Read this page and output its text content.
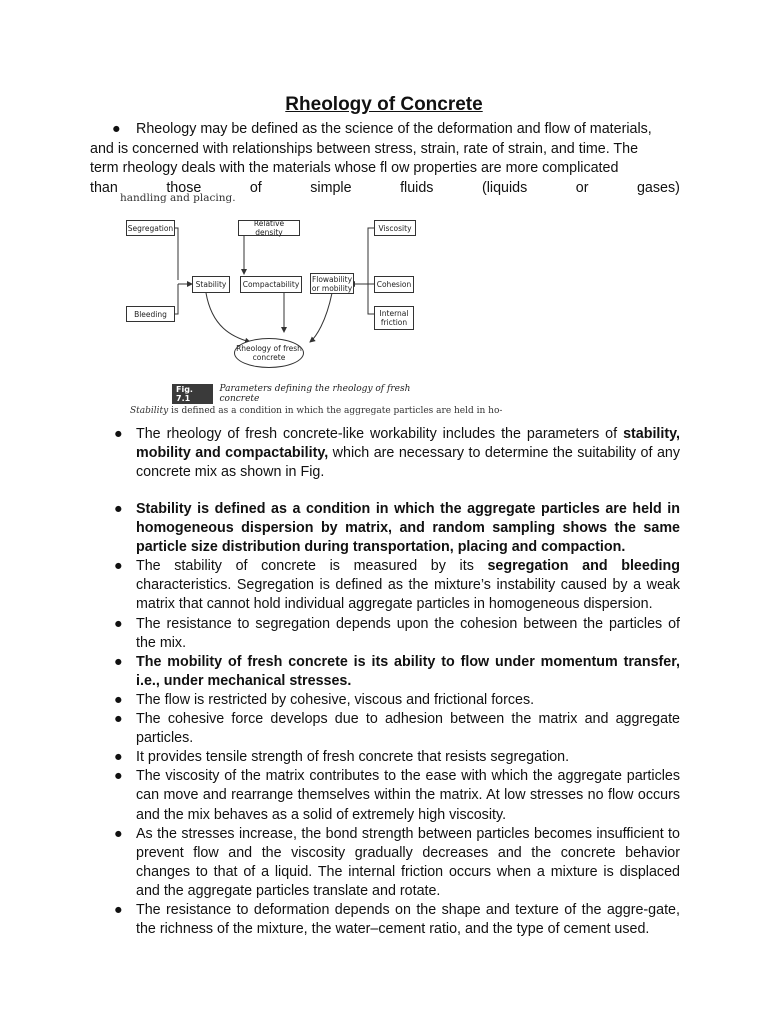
Rheology of Concrete
● Rheology may be defined as the science of the deformation and flow of materials,
and is concerned with relationships between stress, strain, rate of strain, and time. The
term rheology deals with the materials whose fl ow properties are more complicated
than	those	of	simple	fluids	(liquids	or	gases)
handling and placing.
Segregation	Relative density	Viscosity
Stability	Compactability
Flowability or mobility	Cohesion
Bleeding	Internal friction
Rheology of fresh concrete
Fig. 7.1
Parameters defining the rheology of fresh concrete
Stability is defined as a condition in which the aggregate particles are held in ho-
● The rheology of fresh concrete-like workability includes the parameters of stability, mobility and compactability, which are necessary to determine the suitability of any concrete mix as shown in Fig.
● Stability is defined as a condition in which the aggregate particles are held in homogeneous dispersion by matrix, and random sampling shows the same particle size distribution during transportation, placing and compaction.
● The stability of concrete is measured by its segregation and bleeding characteristics. Segregation is defined as the mixture’s instability caused by a weak matrix that cannot hold individual aggregate particles in homogeneous dispersion.
● The resistance to segregation depends upon the cohesion between the particles of the mix.
● The mobility of fresh concrete is its ability to flow under momentum transfer, i.e., under mechanical stresses.
● The flow is restricted by cohesive, viscous and frictional forces.
● The cohesive force develops due to adhesion between the matrix and aggregate particles.
● It provides tensile strength of fresh concrete that resists segregation.
● The viscosity of the matrix contributes to the ease with which the aggregate particles can move and rearrange themselves within the matrix. At low stresses no flow occurs and the mix behaves as a solid of extremely high viscosity.
● As the stresses increase, the bond strength between particles becomes insufficient to prevent flow and the viscosity gradually decreases and the concrete behavior changes to that of a liquid. The internal friction occurs when a mixture is displaced and the aggregate particles translate and rotate.
● The resistance to deformation depends on the shape and texture of the aggre-gate, the richness of the mixture, the water–cement ratio, and the type of cement used.
